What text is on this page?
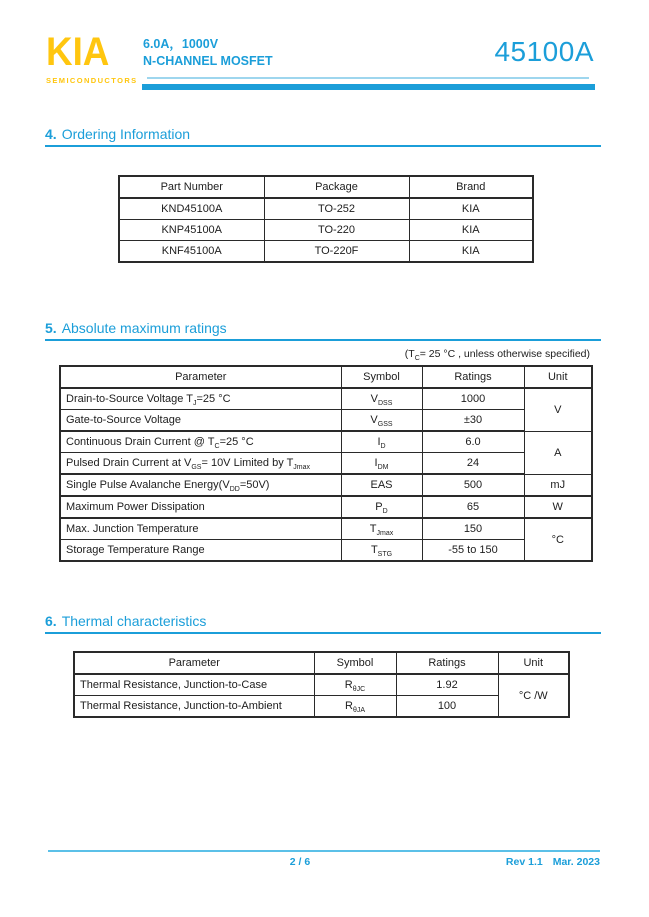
KIA
SEMICONDUCTORS
6.0A，1000V
N-CHANNEL MOSFET	45100A
4. Ordering Information
Part Number	Package	Brand
KND45100A	TO-252	KIA
KNP45100A	TO-220	KIA
KNF45100A	TO-220F	KIA
5. Absolute maximum ratings
($T_C= 25$ °C , unless otherwise specified)
Parameter	Symbol	Ratings	Unit
Drain-to-Source Voltage $T_J=25$ °C	$V_{DSS}$	1000	V
Gate-to-Source Voltage	$V_{GSS}$	±30	
Continuous Drain Current @ $T_C=25$ °C	$I_D$	6.0	A
Pulsed Drain Current at $V_{GS}= 10V$ Limited by $T_{Jmax}$	$I_{DM}$	24	
Single Pulse Avalanche $Energy(V_{DD}=50V)$	EAS	500	mJ
Maximum Power Dissipation	$P_D$	65	W
Max. Junction Temperature	$T_{Jmax}$	150	°C
Storage Temperature Range	$T_{STG}$	-55 to 150	
6. Thermal characteristics
Parameter	Symbol	Ratings	Unit
Thermal Resistance, Junction-to-Case	$R_{\theta JC}$	1.92	°C /W
Thermal Resistance, Junction-to-Ambient	$R_{\theta JA}$	100	
2 / 6	Rev 1.1 Mar. 2023
